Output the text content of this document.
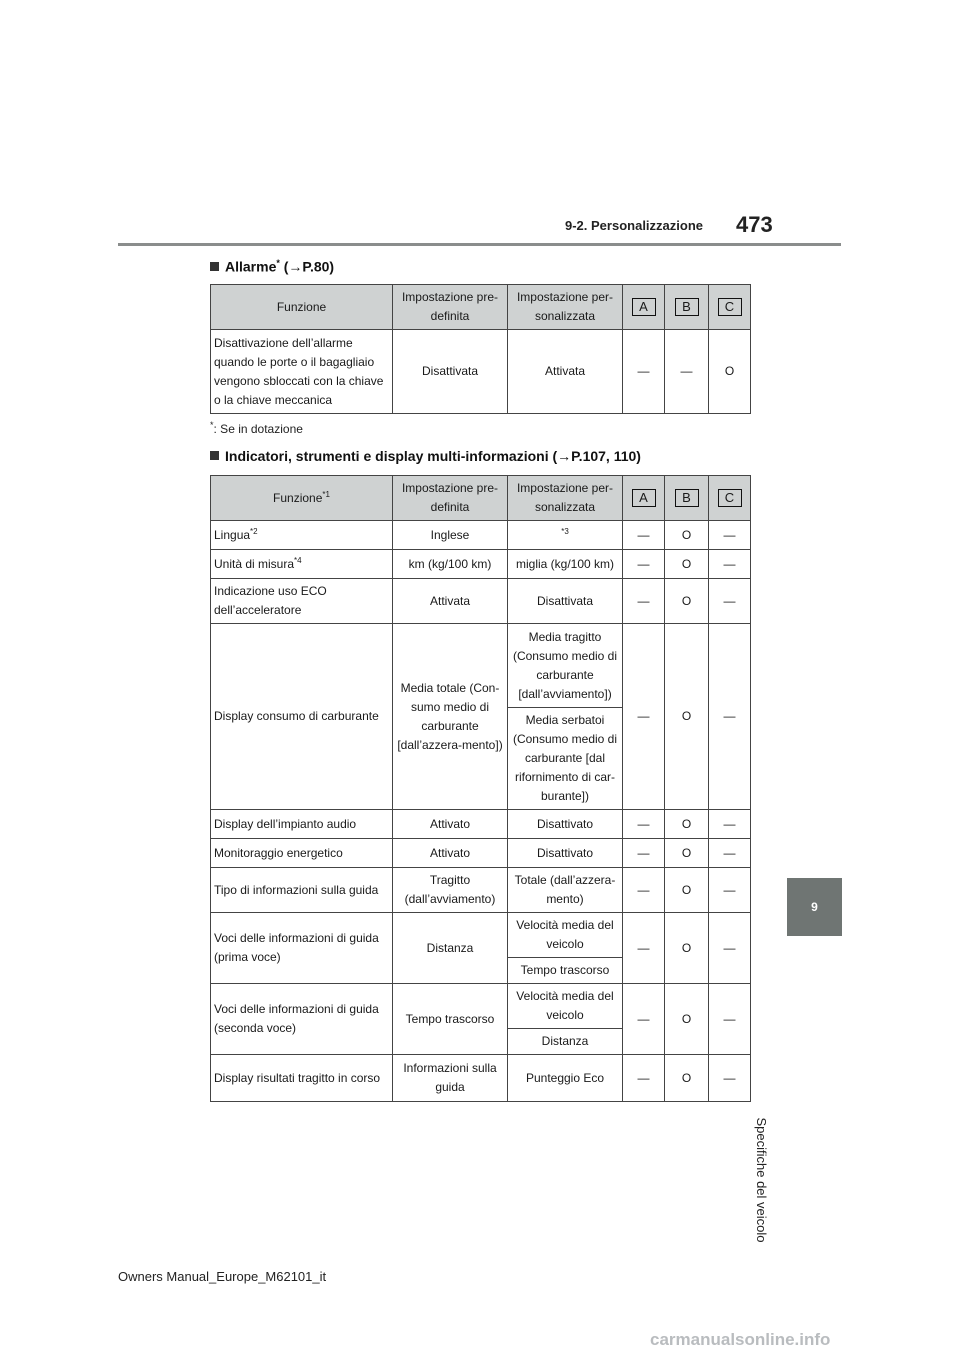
9-2. Personalizzazione 473
9
Specifiche del veicolo
Allarme* (→P.80)
Funzione	Impostazione pre-definita	Impostazione per-sonalizzata	A	B	C
Disattivazione dell’allarme quando le porte o il bagagliaio vengono sbloccati con la chiave o la chiave meccanica	Disattivata	Attivata	—	—	O
*: Se in dotazione
Indicatori, strumenti e display multi-informazioni (→P.107, 110)
Funzione$^{*1}$	Impostazione pre-definita	Impostazione per-sonalizzata	A	B	C
Lingua$^{*2}$	Inglese	$^{*3}$	—	O	—
Unità di misura$^{*4}$	km (kg/100 km)	miglia (kg/100 km)	—	O	—
Indicazione uso ECO dell’acceleratore	Attivata	Disattivata	—	O	—
Display consumo di carburante	Media totale (Con-sumo medio di carburante [dall’azzera-mento])	Media tragitto (Consumo medio di carburante [dall’avviamento])	—	O	—
		Media serbatoi (Consumo medio di carburante [dal rifornimento di car-burante])			
Display dell’impianto audio	Attivato	Disattivato	—	O	—
Monitoraggio energetico	Attivato	Disattivato	—	O	—
Tipo di informazioni sulla guida	Tragitto (dall’avviamento)	Totale (dall’azzera-mento)	—	O	—
Voci delle informazioni di guida (prima voce)	Distanza	Velocità media del veicolo	—	O	—
		Tempo trascorso			
Voci delle informazioni di guida (seconda voce)	Tempo trascorso	Velocità media del veicolo	—	O	—
		Distanza			
Display risultati tragitto in corso	Informazioni sulla guida	Punteggio Eco	—	O	—
Owners Manual_Europe_M62101_it
carmanualsonline.info
